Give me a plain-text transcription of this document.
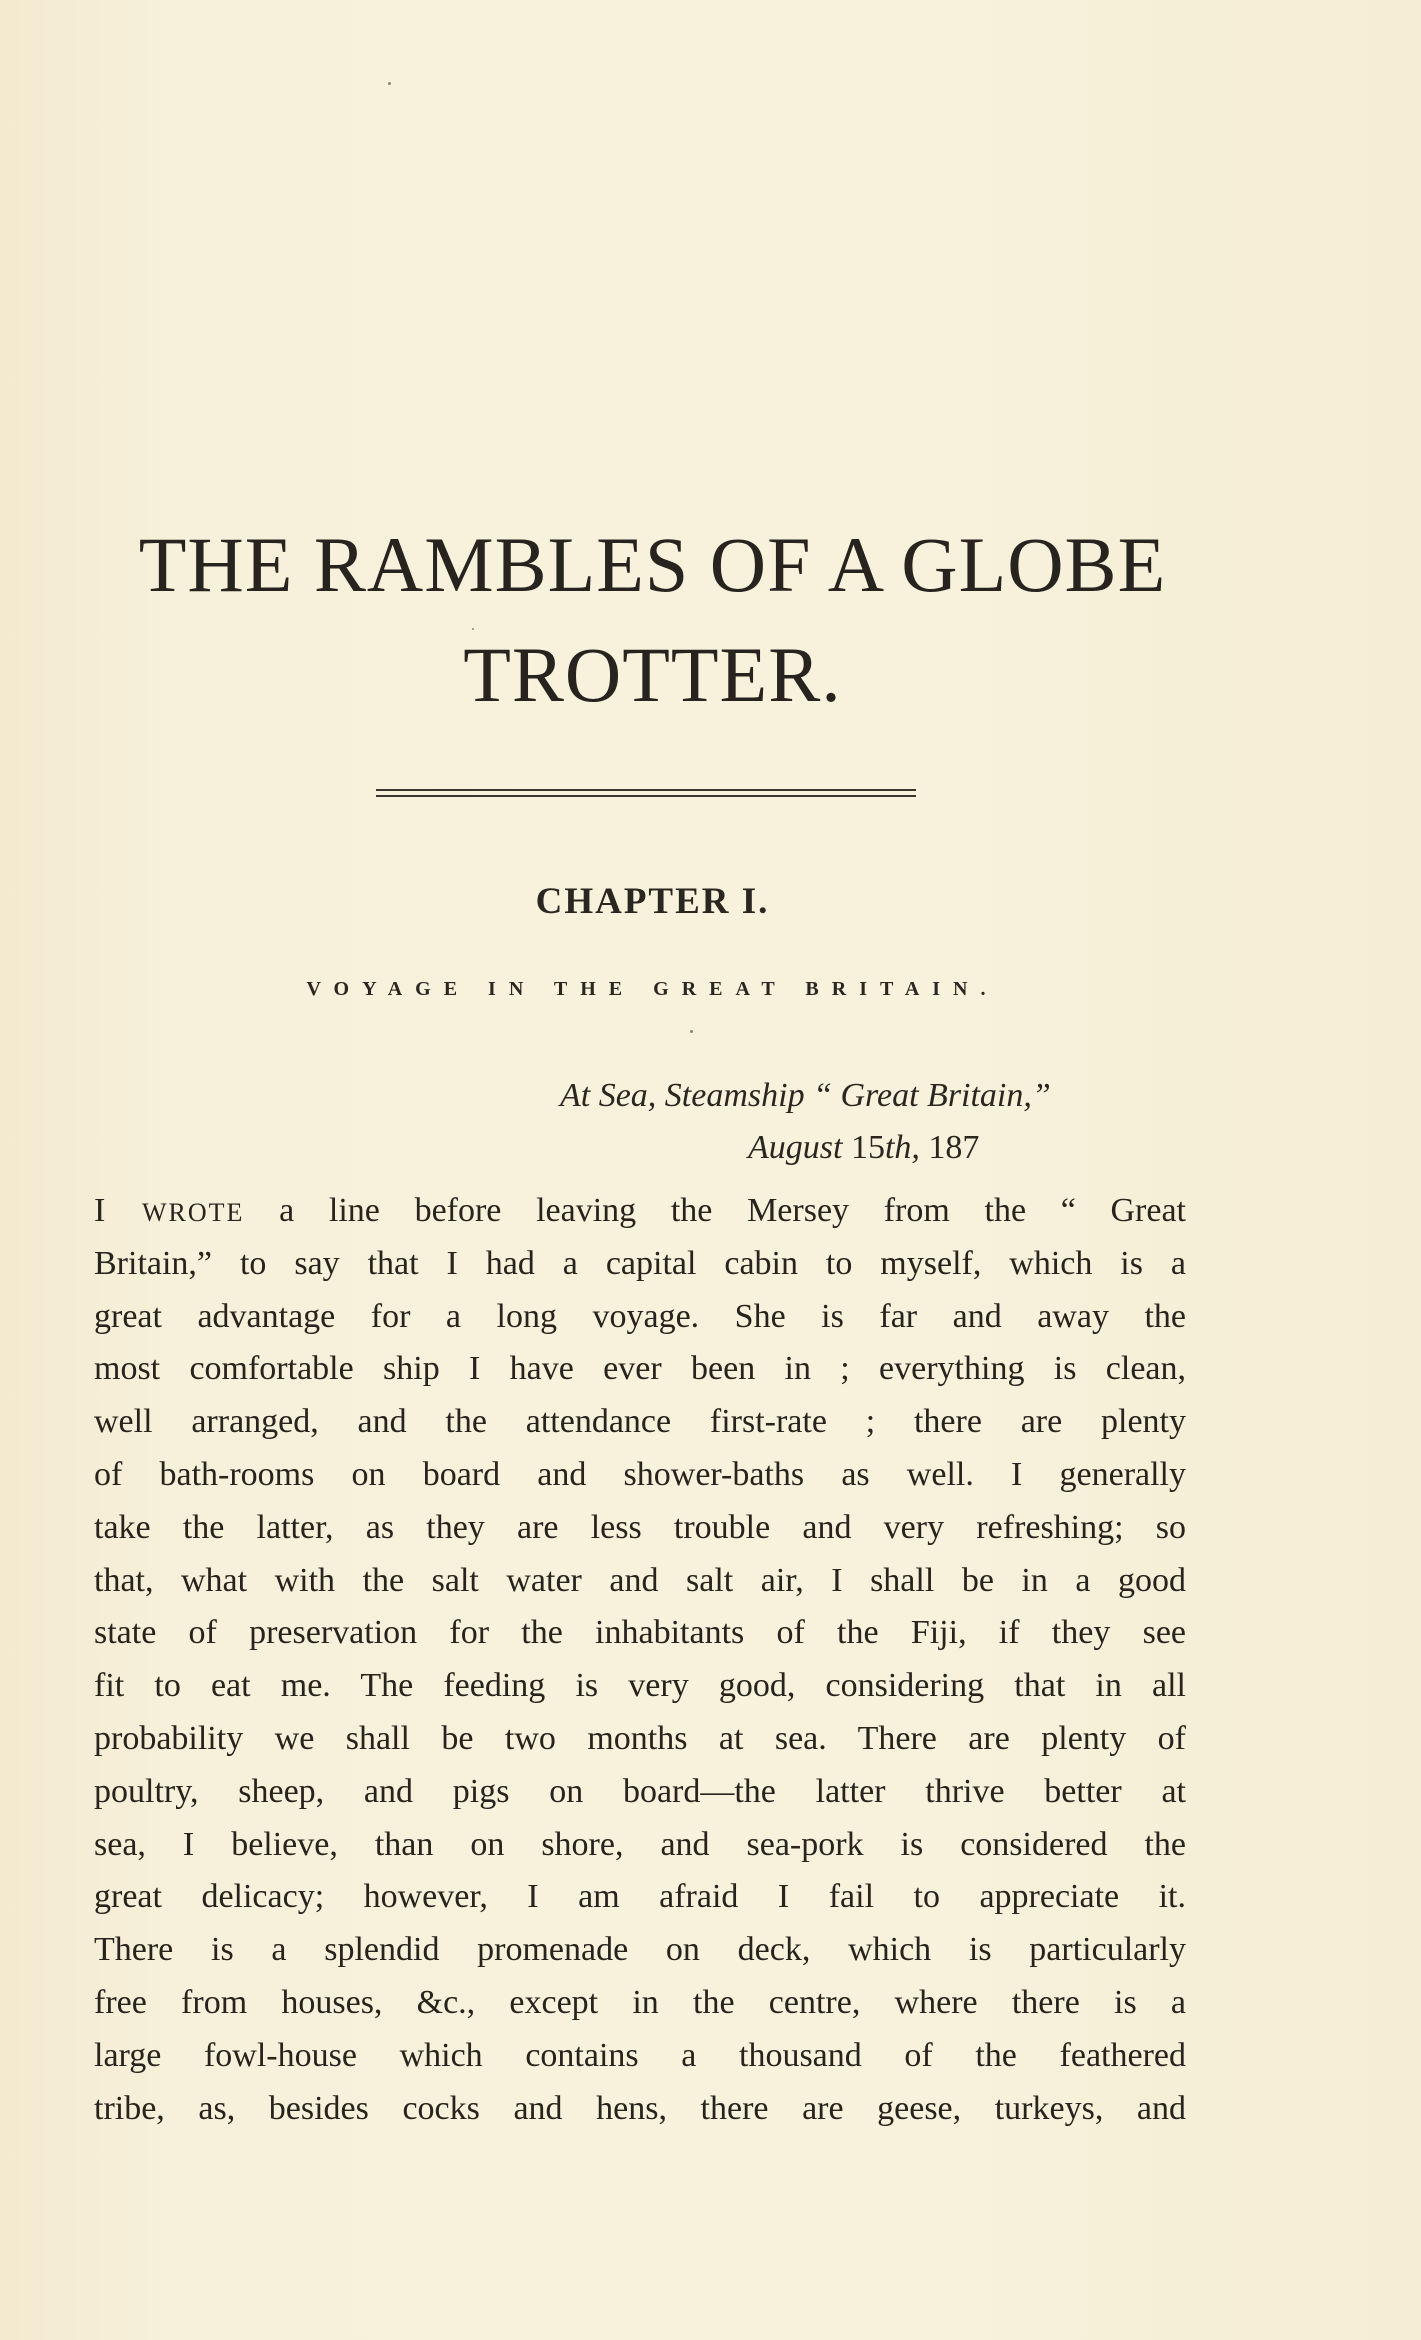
THE RAMBLES OF A GLOBE
TROTTER.
CHAPTER I.
VOYAGE IN THE GREAT BRITAIN.
At Sea, Steamship “ Great Britain,”
August 15th, 187
I WROTE a line before leaving the Mersey from the “ Great
Britain,” to say that I had a capital cabin to myself, which is a
great advantage for a long voyage. She is far and away the
most comfortable ship I have ever been in ; everything is clean,
well arranged, and the attendance first-rate ; there are plenty
of bath-rooms on board and shower-baths as well. I generally
take the latter, as they are less trouble and very refreshing; so
that, what with the salt water and salt air, I shall be in a good
state of preservation for the inhabitants of the Fiji, if they see
fit to eat me. The feeding is very good, considering that in all
probability we shall be two months at sea. There are plenty of
poultry, sheep, and pigs on board—the latter thrive better at
sea, I believe, than on shore, and sea-pork is considered the
great delicacy; however, I am afraid I fail to appreciate it.
There is a splendid promenade on deck, which is particularly
free from houses, &c., except in the centre, where there is a
large fowl-house which contains a thousand of the feathered
tribe, as, besides cocks and hens, there are geese, turkeys, and
